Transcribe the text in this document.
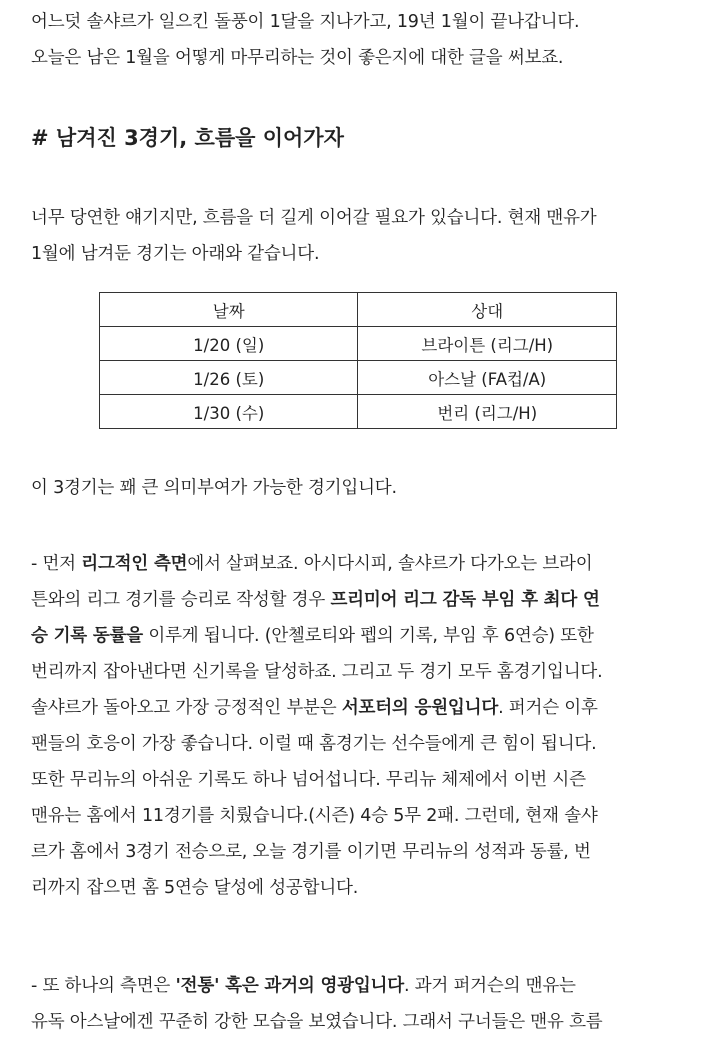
어느덧 솔샤르가 일으킨 돌풍이 1달을 지나가고, 19년 1월이 끝나갑니다.
오늘은 남은 1월을 어떻게 마무리하는 것이 좋은지에 대한 글을 써보죠.
# 남겨진 3경기, 흐름을 이어가자
너무 당연한 얘기지만, 흐름을 더 길게 이어갈 필요가 있습니다. 현재 맨유가
1월에 남겨둔 경기는 아래와 같습니다.
날짜	상대
1/20 (일)	브라이튼 (리그/H)
1/26 (토)	아스날 (FA컵/A)
1/30 (수)	번리 (리그/H)
이 3경기는 꽤 큰 의미부여가 가능한 경기입니다.
- 먼저 리그적인 측면에서 살펴보죠. 아시다시피, 솔샤르가 다가오는 브라이
튼와의 리그 경기를 승리로 작성할 경우 프리미어 리그 감독 부임 후 최다 연
승 기록 동률을 이루게 됩니다. (안첼로티와 펩의 기록, 부임 후 6연승) 또한
번리까지 잡아낸다면 신기록을 달성하죠. 그리고 두 경기 모두 홈경기입니다.
솔샤르가 돌아오고 가장 긍정적인 부분은 서포터의 응원입니다. 퍼거슨 이후
팬들의 호응이 가장 좋습니다. 이럴 때 홈경기는 선수들에게 큰 힘이 됩니다.
또한 무리뉴의 아쉬운 기록도 하나 넘어섭니다. 무리뉴 체제에서 이번 시즌
맨유는 홈에서 11경기를 치뤘습니다.(시즌) 4승 5무 2패. 그런데, 현재 솔샤
르가 홈에서 3경기 전승으로, 오늘 경기를 이기면 무리뉴의 성적과 동률, 번
리까지 잡으면 홈 5연승 달성에 성공합니다.
- 또 하나의 측면은 '전통' 혹은 과거의 영광입니다. 과거 퍼거슨의 맨유는
유독 아스날에겐 꾸준히 강한 모습을 보였습니다. 그래서 구너들은 맨유 흐름
